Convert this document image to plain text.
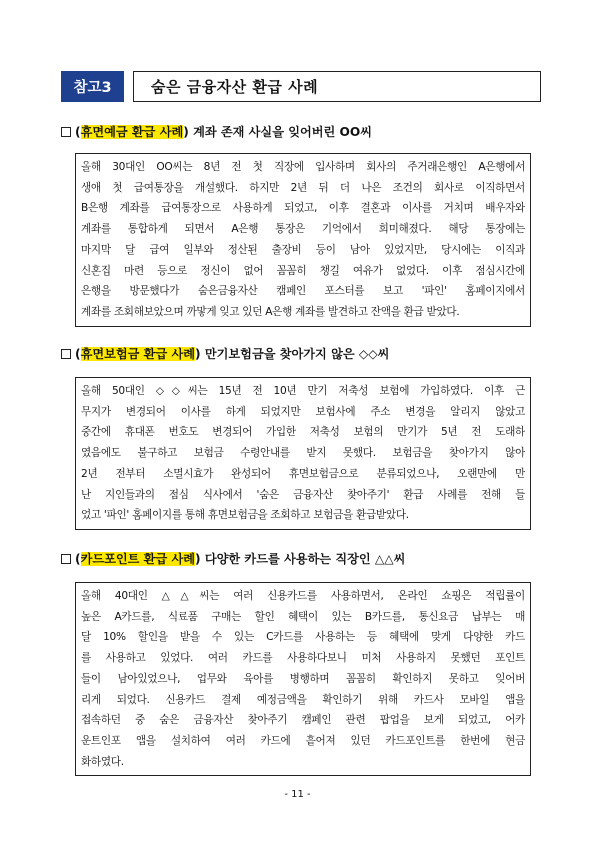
참고3	숨은 금융자산 환급 사례
(휴면예금 환급 사례) 계좌 존재 사실을 잊어버린 OO씨
올해 30대인 OO씨는 8년 전 첫 직장에 입사하며 회사의 주거래은행인 A은행에서
생애 첫 급여통장을 개설했다. 하지만 2년 뒤 더 나은 조건의 회사로 이직하면서
B은행 계좌를 급여통장으로 사용하게 되었고, 이후 결혼과 이사를 거치며 배우자와
계좌를 통합하게 되면서 A은행 통장은 기억에서 희미해졌다. 해당 통장에는
마지막 달 급여 일부와 정산된 출장비 등이 남아 있었지만, 당시에는 이직과
신혼집 마련 등으로 정신이 없어 꼼꼼히 챙길 여유가 없었다. 이후 점심시간에
은행을 방문했다가 숨은금융자산 캠페인 포스터를 보고 '파인' 홈페이지에서
계좌를 조회해보았으며 까맣게 잊고 있던 A은행 계좌를 발견하고 잔액을 환급 받았다.
(휴면보험금 환급 사례) 만기보험금을 찾아가지 않은 ◇◇씨
올해 50대인 ◇◇씨는 15년 전 10년 만기 저축성 보험에 가입하였다. 이후 근
무지가 변경되어 이사를 하게 되었지만 보험사에 주소 변경을 알리지 않았고
중간에 휴대폰 번호도 변경되어 가입한 저축성 보험의 만기가 5년 전 도래하
였음에도 불구하고 보험금 수령안내를 받지 못했다. 보험금을 찾아가지 않아
2년 전부터 소멸시효가 완성되어 휴면보험금으로 분류되었으나, 오랜만에 만
난 지인들과의 점심 식사에서 '숨은 금융자산 찾아주기' 환급 사례를 전해 들
었고 '파인' 홈페이지를 통해 휴면보험금을 조회하고 보험금을 환급받았다.
(카드포인트 환급 사례) 다양한 카드를 사용하는 직장인 △△씨
올해 40대인 △△씨는 여러 신용카드를 사용하면서, 온라인 쇼핑은 적립률이
높은 A카드를, 식료품 구매는 할인 혜택이 있는 B카드를, 통신요금 납부는 매
달 10% 할인을 받을 수 있는 C카드를 사용하는 등 혜택에 맞게 다양한 카드
를 사용하고 있었다. 여러 카드를 사용하다보니 미처 사용하지 못했던 포인트
들이 남아있었으나, 업무와 육아를 병행하며 꼼꼼히 확인하지 못하고 잊어버
리게 되었다. 신용카드 결제 예정금액을 확인하기 위해 카드사 모바일 앱을
접속하던 중 숨은 금융자산 찾아주기 캠페인 관련 팝업을 보게 되었고, 어카
운트인포 앱을 설치하여 여러 카드에 흩어져 있던 카드포인트를 한번에 현금
화하였다.
- 11 -
